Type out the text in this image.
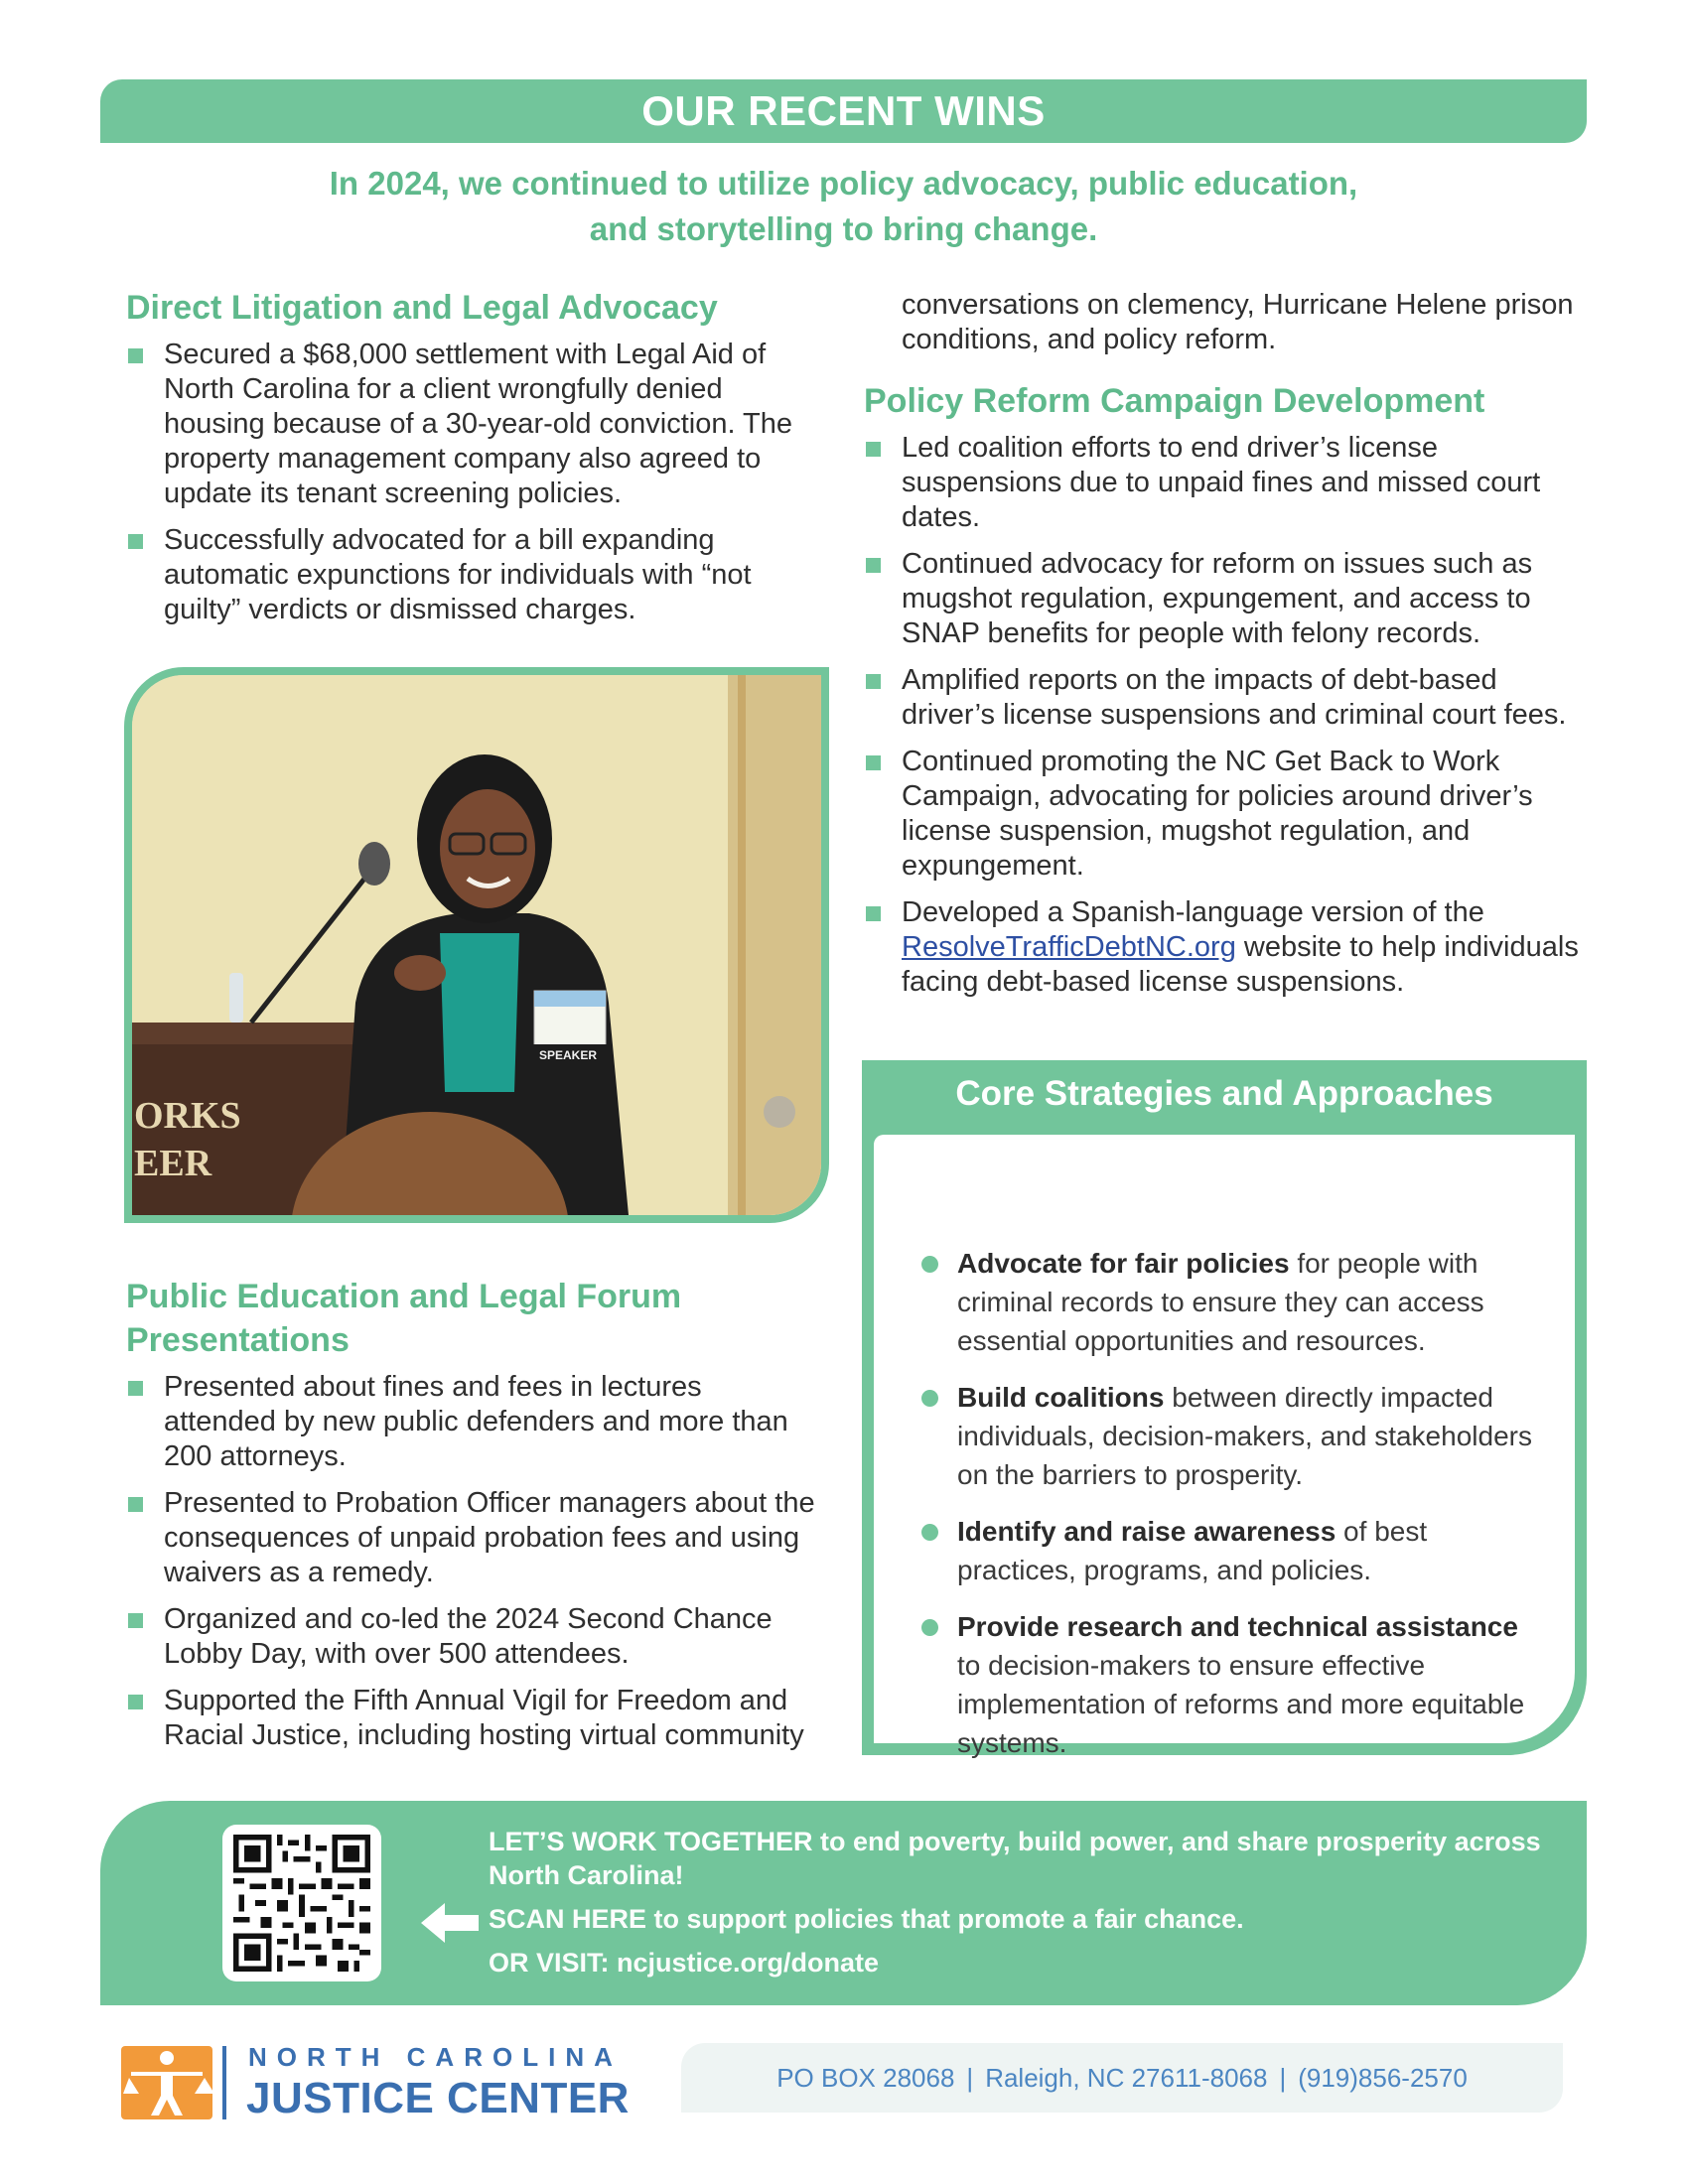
OUR RECENT WINS
In 2024, we continued to utilize policy advocacy, public education,
and storytelling to bring change.
Direct Litigation and Legal Advocacy
Secured a $68,000 settlement with Legal Aid of North Carolina for a client wrongfully denied housing because of a 30-year-old conviction. The property management company also agreed to update its tenant screening policies.
Successfully advocated for a bill expanding automatic expunctions for individuals with “not guilty” verdicts or dismissed charges.
ORKS
EER
SPEAKER
Public Education and Legal Forum Presentations
Presented about fines and fees in lectures attended by new public defenders and more than 200 attorneys.
Presented to Probation Officer managers about the consequences of unpaid probation fees and using waivers as a remedy.
Organized and co-led the 2024 Second Chance Lobby Day, with over 500 attendees.
Supported the Fifth Annual Vigil for Freedom and Racial Justice, including hosting virtual community

conversations on clemency, Hurricane Helene prison conditions, and policy reform.

Policy Reform Campaign Development
Led coalition efforts to end driver’s license suspensions due to unpaid fines and missed court dates.
Continued advocacy for reform on issues such as mugshot regulation, expungement, and access to SNAP benefits for people with felony records.
Amplified reports on the impacts of debt-based driver’s license suspensions and criminal court fees.
Continued promoting the NC Get Back to Work Campaign, advocating for policies around driver’s license suspension, mugshot regulation, and expungement.
Developed a Spanish-language version of the ResolveTrafficDebtNC.org website to help individuals facing debt-based license suspensions.
Core Strategies and Approaches
Advocate for fair policies for people with criminal records to ensure they can access essential opportunities and resources.
Build coalitions between directly impacted individuals, decision-makers, and stakeholders on the barriers to prosperity.
Identify and raise awareness of best practices, programs, and policies.
Provide research and technical assistance to decision-makers to ensure effective implementation of reforms and more equitable systems.

LET’S WORK TOGETHER to end poverty, build power, and share prosperity across North Carolina!

SCAN HERE to support policies that promote a fair chance.

OR VISIT: ncjustice.org/donate

NORTH CAROLINA
JUSTICE CENTER	PO BOX 28068 | Raleigh, NC 27611-8068 | (919)856-2570
